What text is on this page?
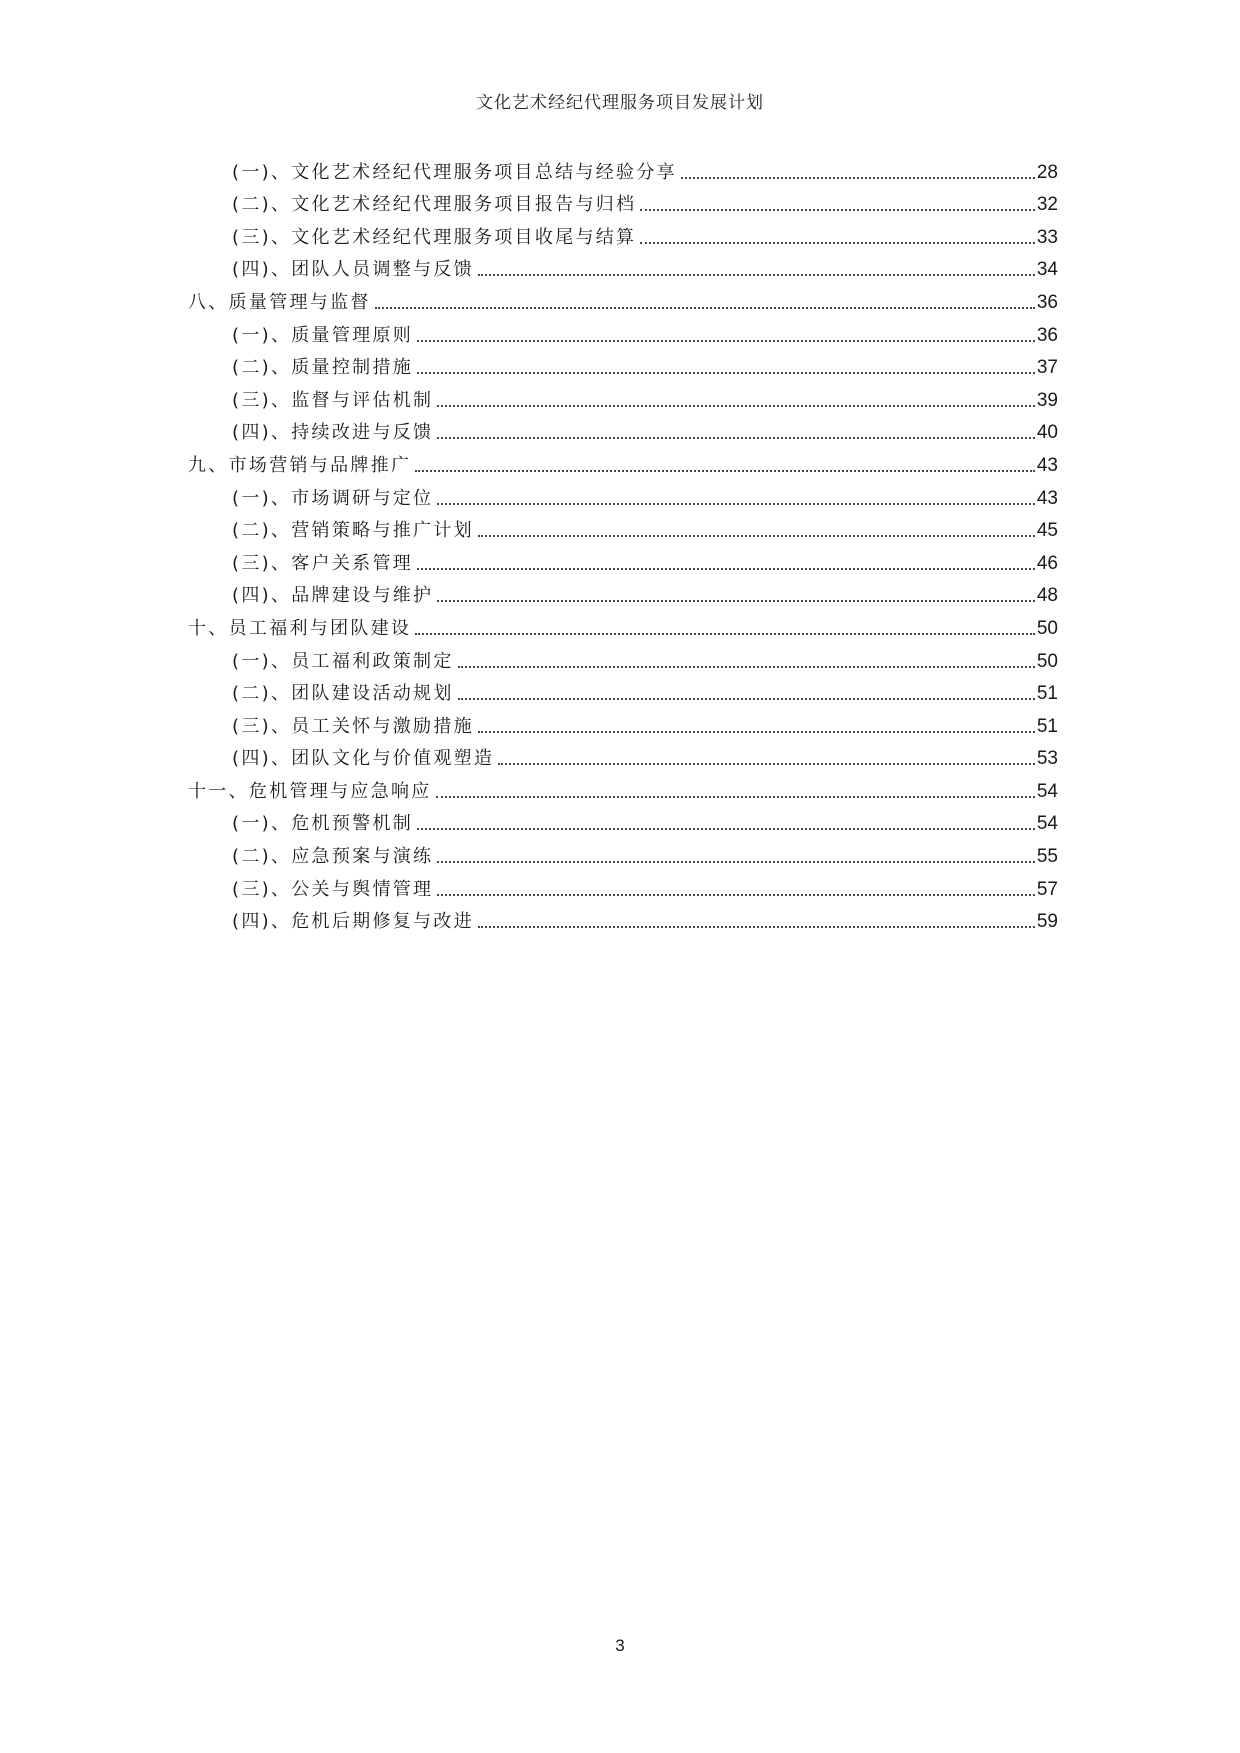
文化艺术经纪代理服务项目发展计划
(一)、文化艺术经纪代理服务项目总结与经验分享	28
(二)、文化艺术经纪代理服务项目报告与归档	32
(三)、文化艺术经纪代理服务项目收尾与结算	33
(四)、团队人员调整与反馈	34
八、质量管理与监督	36
(一)、质量管理原则	36
(二)、质量控制措施	37
(三)、监督与评估机制	39
(四)、持续改进与反馈	40
九、市场营销与品牌推广	43
(一)、市场调研与定位	43
(二)、营销策略与推广计划	45
(三)、客户关系管理	46
(四)、品牌建设与维护	48
十、员工福利与团队建设	50
(一)、员工福利政策制定	50
(二)、团队建设活动规划	51
(三)、员工关怀与激励措施	51
(四)、团队文化与价值观塑造	53
十一、危机管理与应急响应	54
(一)、危机预警机制	54
(二)、应急预案与演练	55
(三)、公关与舆情管理	57
(四)、危机后期修复与改进	59
3
